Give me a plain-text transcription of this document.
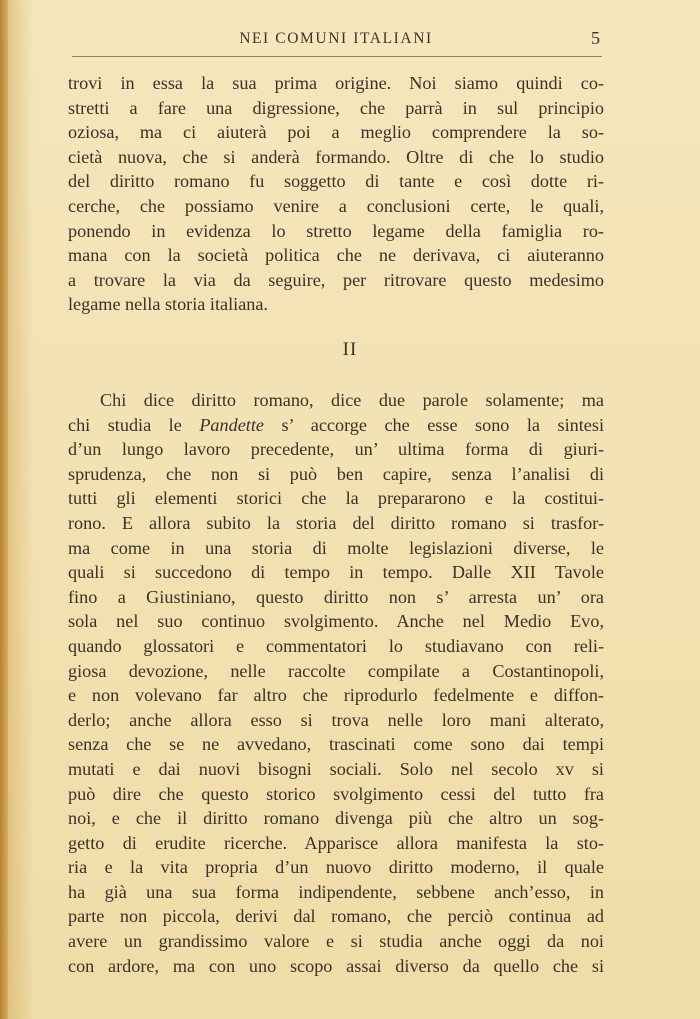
NEI COMUNI ITALIANI	5
trovi in essa la sua prima origine. Noi siamo quindi co-
stretti a fare una digressione, che parrà in sul principio
oziosa, ma ci aiuterà poi a meglio comprendere la so-
cietà nuova, che si anderà formando. Oltre di che lo studio
del diritto romano fu soggetto di tante e così dotte ri-
cerche, che possiamo venire a conclusioni certe, le quali,
ponendo in evidenza lo stretto legame della famiglia ro-
mana con la società politica che ne derivava, ci aiuteranno
a trovare la via da seguire, per ritrovare questo medesimo
legame nella storia italiana.
II
Chi dice diritto romano, dice due parole solamente; ma
chi studia le Pandette s’ accorge che esse sono la sintesi
d’un lungo lavoro precedente, un’ ultima forma di giuri-
sprudenza, che non si può ben capire, senza l’analisi di
tutti gli elementi storici che la prepararono e la costitui-
rono. E allora subito la storia del diritto romano si trasfor-
ma come in una storia di molte legislazioni diverse, le
quali si succedono di tempo in tempo. Dalle XII Tavole
fino a Giustiniano, questo diritto non s’ arresta un’ ora
sola nel suo continuo svolgimento. Anche nel Medio Evo,
quando glossatori e commentatori lo studiavano con reli-
giosa devozione, nelle raccolte compilate a Costantinopoli,
e non volevano far altro che riprodurlo fedelmente e diffon-
derlo; anche allora esso si trova nelle loro mani alterato,
senza che se ne avvedano, trascinati come sono dai tempi
mutati e dai nuovi bisogni sociali. Solo nel secolo xv si
può dire che questo storico svolgimento cessi del tutto fra
noi, e che il diritto romano divenga più che altro un sog-
getto di erudite ricerche. Apparisce allora manifesta la sto-
ria e la vita propria d’un nuovo diritto moderno, il quale
ha già una sua forma indipendente, sebbene anch’esso, in
parte non piccola, derivi dal romano, che perciò continua ad
avere un grandissimo valore e si studia anche oggi da noi
con ardore, ma con uno scopo assai diverso da quello che si
